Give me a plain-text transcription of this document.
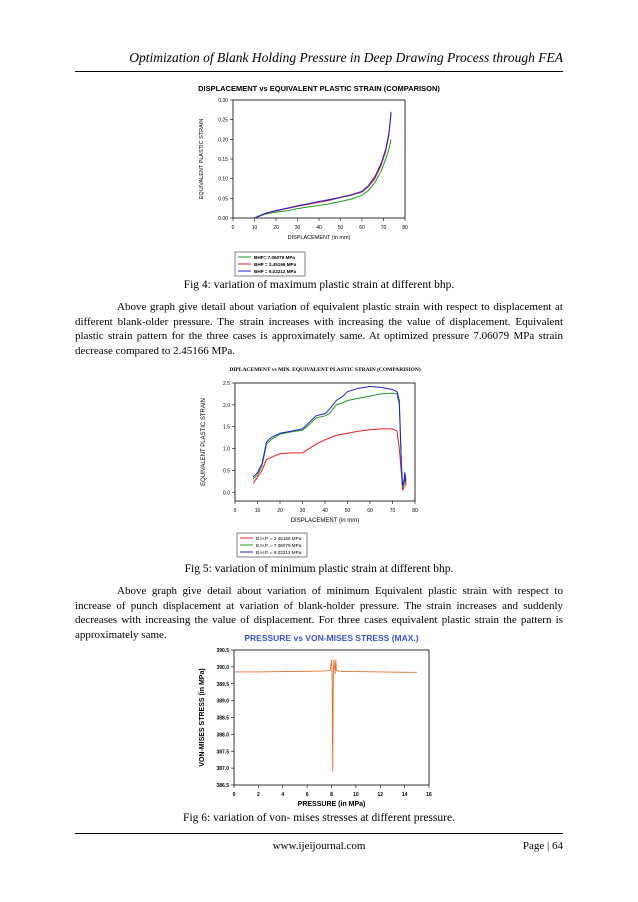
Optimization of Blank Holding Pressure in Deep Drawing Process through FEA
DISPLACEMENT vs EQUIVALENT PLASTIC STRAIN (COMPARISON)
0	10	20	30	40	50	60	70	80
0.00
0.05
0.10
0.15
0.20
0.25
0.30
DISPLACEMENT (in mm)
EQUIVALENT PLASTIC STRAIN
BHP= 7.06079 MPa
BHP = 2.45166 MPa
BHP = 9.02212 MPa
Fig 4: variation of maximum plastic strain at different bhp.
Above graph give detail about variation of equivalent plastic strain with respect to displacement at different blank-older pressure. The strain increases with increasing the value of displacement. Equivalent plastic strain pattern for the three cases is approximately same. At optimized pressure 7.06079 MPa strain decrease compared to 2.45166 MPa.
DIPLACEMENT vs MIN. EQUIVALENT PLASTIC STRAIN (COMPARISION)
0	10	20	30	40	50	60	70	80
0.0
0.5
1.0
1.5
2.0
2.5
DISPLACEMENT (in mm)
EQUIVALENT PLASTIC STRAIN
B.H.P. = 2.45166 MPa
B.H.P. = 7.06079 MPa
B.H.P. = 9.02212 MPa
Fig 5: variation of minimum plastic strain at different bhp.
Above graph give detail about variation of minimum Equivalent plastic strain with respect to increase of punch displacement at variation of blank-holder pressure. The strain increases and suddenly decreases with increasing the value of displacement. For three cases equivalent plastic strain the pattern is approximately same.	PRESSURE vs VON-MISES STRESS (MAX.)
0	2	4	6	8	10	12	14	16
386.5
387.0
387.5
388.0
388.5
389.0
389.5
390.0
390.5
PRESSURE (in MPa)
VON-MISES STRESS (in MPa)
Fig 6: variation of von- mises stresses at different pressure.
www.ijeijournal.com	Page | 64
